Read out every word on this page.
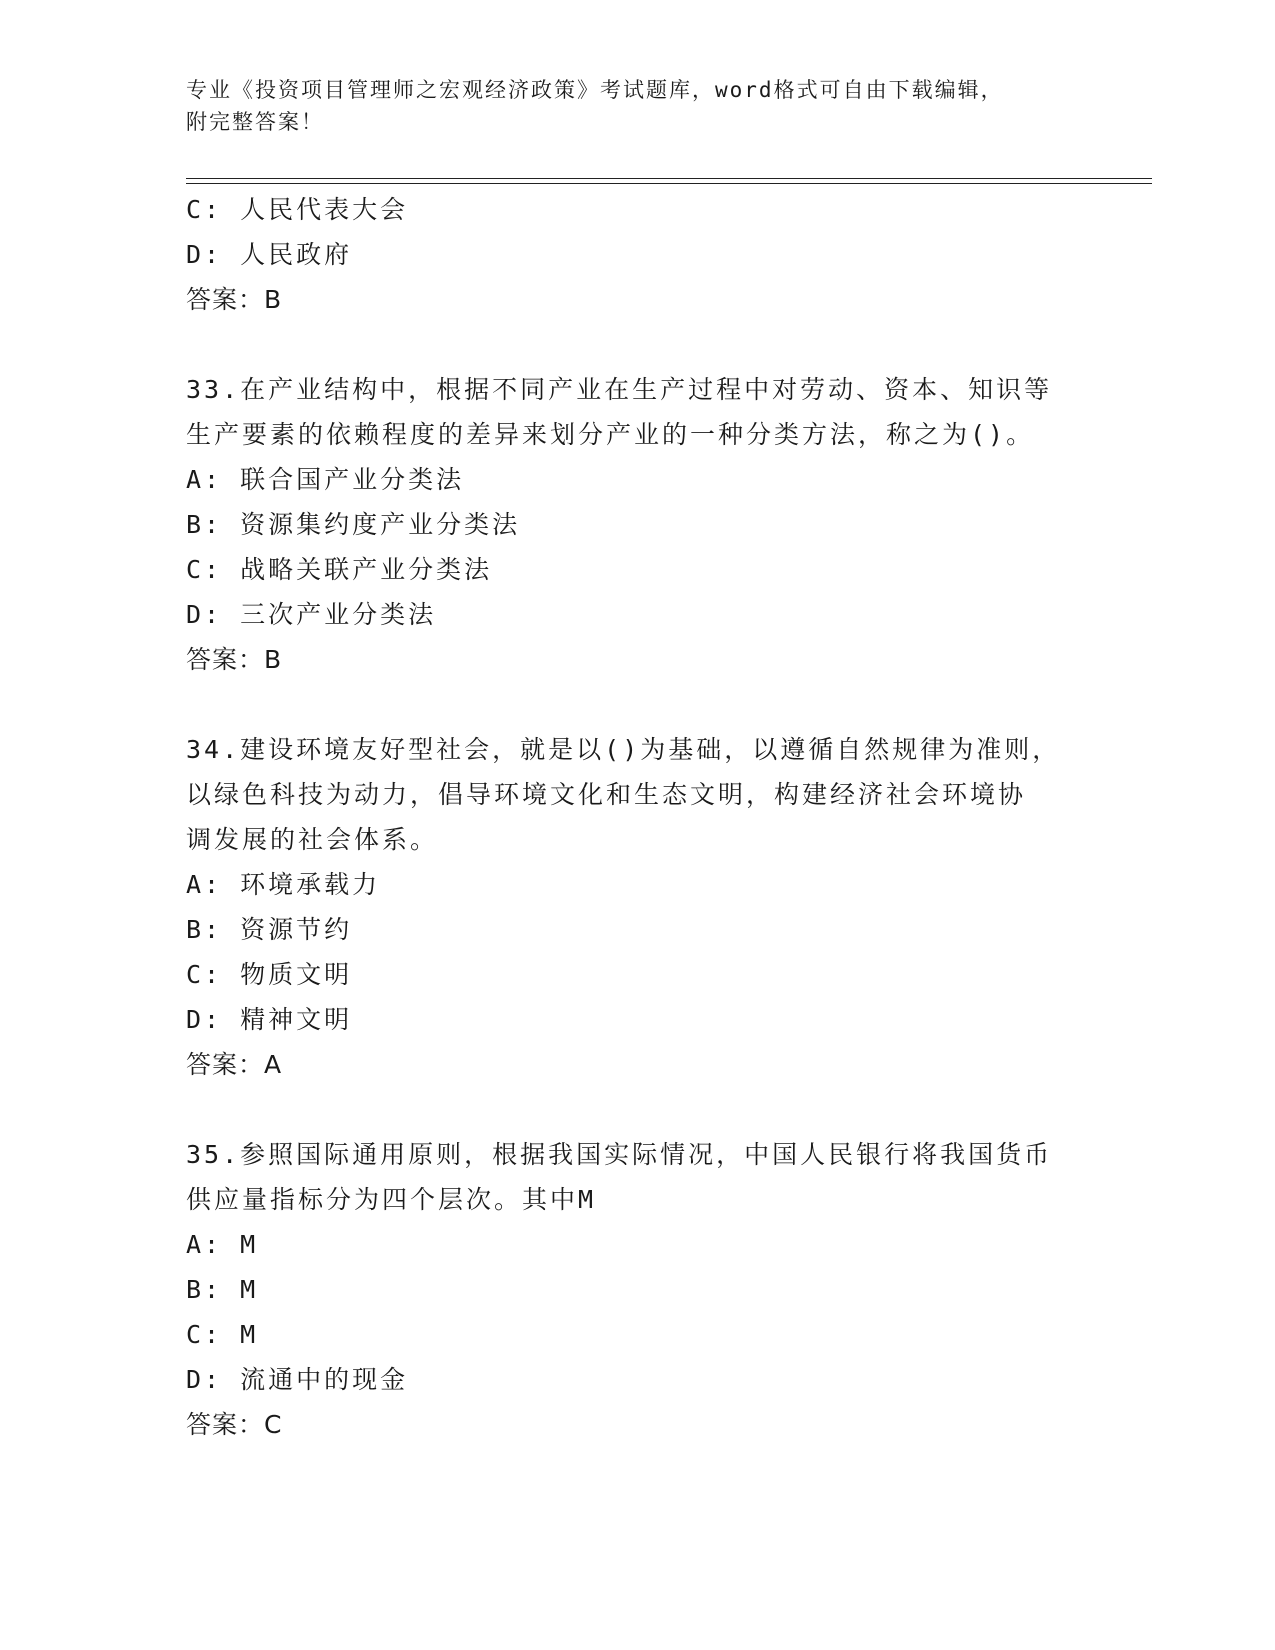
专业《投资项目管理师之宏观经济政策》考试题库，word格式可自由下载编辑，
附完整答案！
C: 人民代表大会
D: 人民政府
答案：B
33.在产业结构中，根据不同产业在生产过程中对劳动、资本、知识等
生产要素的依赖程度的差异来划分产业的一种分类方法，称之为()。
A: 联合国产业分类法
B: 资源集约度产业分类法
C: 战略关联产业分类法
D: 三次产业分类法
答案：B
34.建设环境友好型社会，就是以()为基础，以遵循自然规律为准则，
以绿色科技为动力，倡导环境文化和生态文明，构建经济社会环境协
调发展的社会体系。
A: 环境承载力
B: 资源节约
C: 物质文明
D: 精神文明
答案：A
35.参照国际通用原则，根据我国实际情况，中国人民银行将我国货币
供应量指标分为四个层次。其中M
A: M
B: M
C: M
D: 流通中的现金
答案：C
